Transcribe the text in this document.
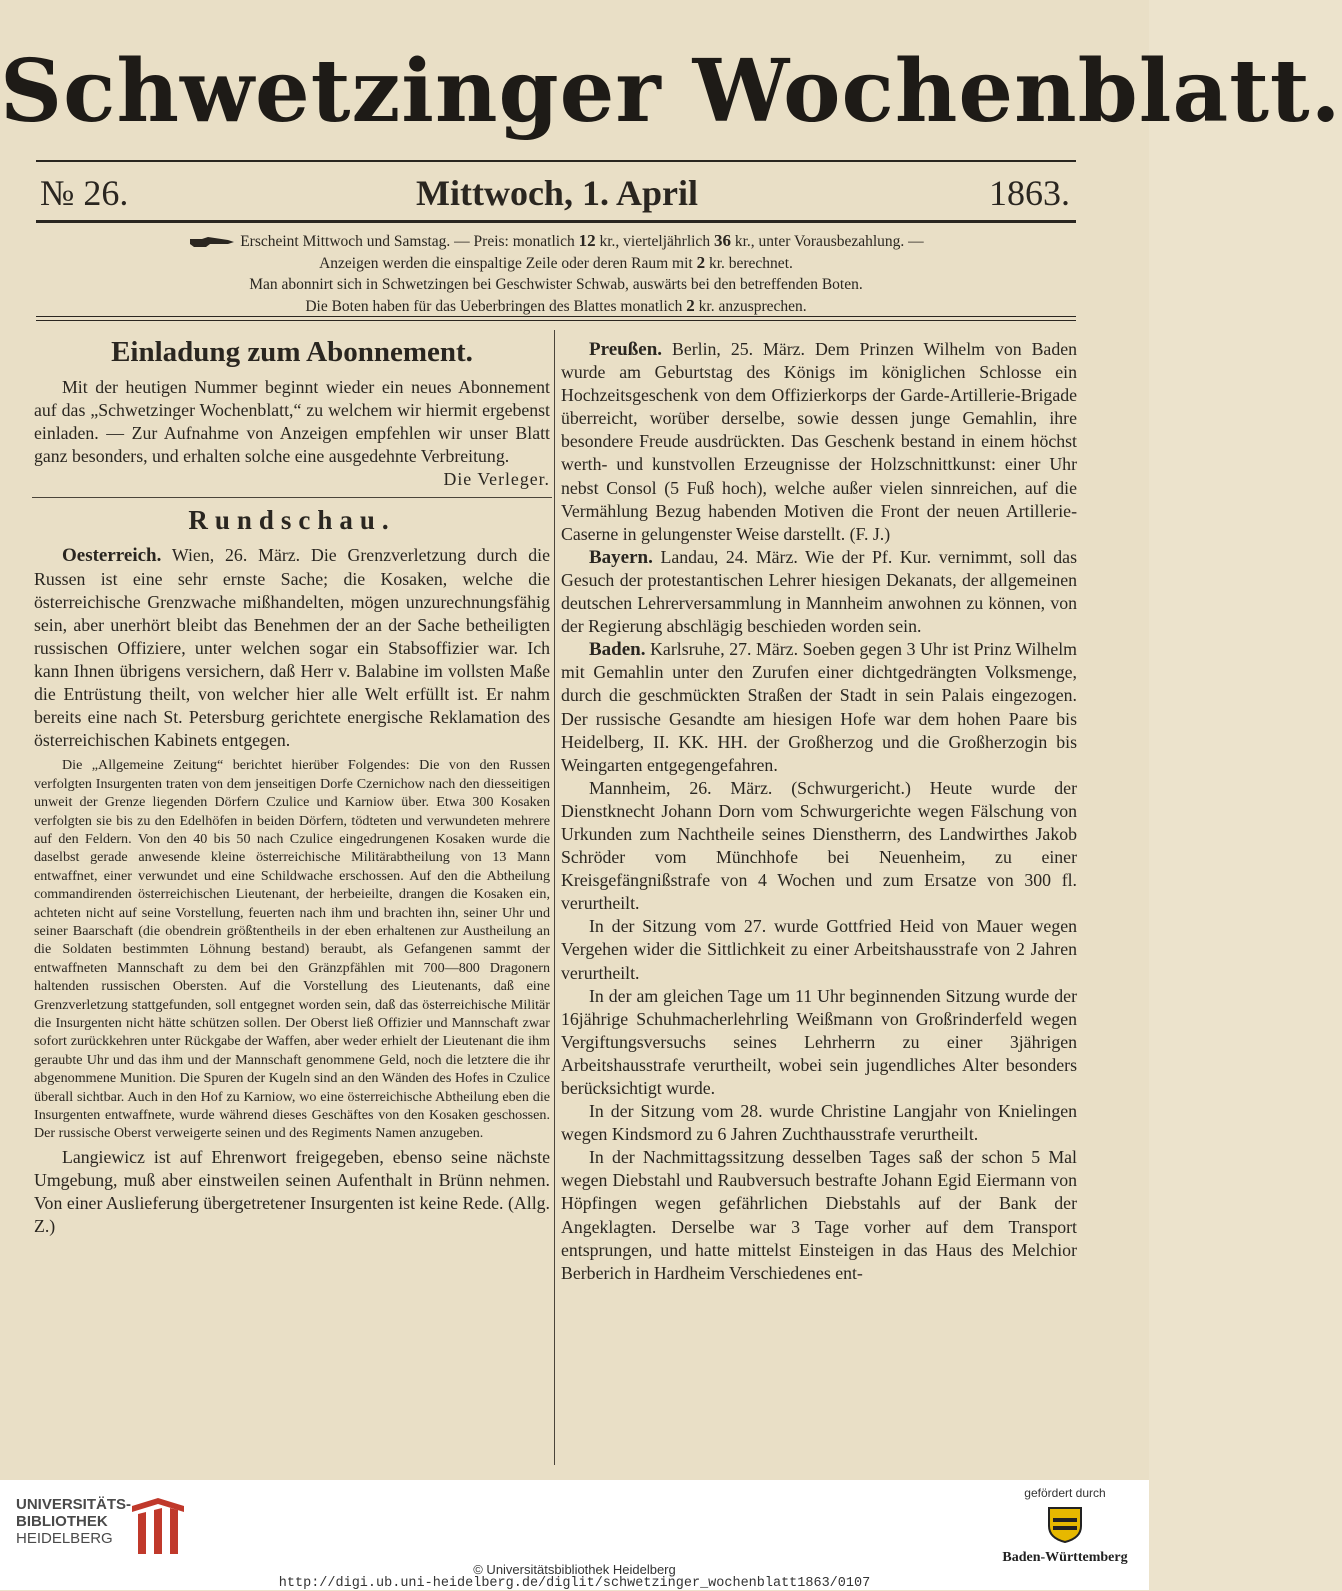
Schwetzinger Wochenblatt.
№ 26.	Mittwoch, 1. April	1863.
Erscheint Mittwoch und Samstag. — Preis: monatlich 12 kr., vierteljährlich 36 kr., unter Vorausbezahlung. —
Anzeigen werden die einspaltige Zeile oder deren Raum mit 2 kr. berechnet.
Man abonnirt sich in Schwetzingen bei Geschwister Schwab, auswärts bei den betreffenden Boten.
Die Boten haben für das Ueberbringen des Blattes monatlich 2 kr. anzusprechen.
Einladung zum Abonnement.

Mit der heutigen Nummer beginnt wieder ein neues Abonnement auf das „Schwetzinger Wochenblatt,“ zu welchem wir hiermit ergebenst einladen. — Zur Aufnahme von Anzeigen empfehlen wir unser Blatt ganz besonders, und erhalten solche eine ausgedehnte Verbreitung.
Die Verleger.

Rundschau.

Oesterreich. Wien, 26. März. Die Grenzverletzung durch die Russen ist eine sehr ernste Sache; die Kosaken, welche die österreichische Grenzwache mißhandelten, mögen unzurechnungsfähig sein, aber unerhört bleibt das Benehmen der an der Sache betheiligten russischen Offiziere, unter welchen sogar ein Stabsoffizier war. Ich kann Ihnen übrigens versichern, daß Herr v. Balabine im vollsten Maße die Entrüstung theilt, von welcher hier alle Welt erfüllt ist. Er nahm bereits eine nach St. Petersburg gerichtete energische Reklamation des österreichischen Kabinets entgegen.

Die „Allgemeine Zeitung“ berichtet hierüber Folgendes: Die von den Russen verfolgten Insurgenten traten von dem jenseitigen Dorfe Czernichow nach den diesseitigen unweit der Grenze liegenden Dörfern Czulice und Karniow über. Etwa 300 Kosaken verfolgten sie bis zu den Edelhöfen in beiden Dörfern, tödteten und verwundeten mehrere auf den Feldern. Von den 40 bis 50 nach Czulice eingedrungenen Kosaken wurde die daselbst gerade anwesende kleine österreichische Militärabtheilung von 13 Mann entwaffnet, einer verwundet und eine Schildwache erschossen. Auf den die Abtheilung commandirenden österreichischen Lieutenant, der herbeieilte, drangen die Kosaken ein, achteten nicht auf seine Vorstellung, feuerten nach ihm und brachten ihn, seiner Uhr und seiner Baarschaft (die obendrein größtentheils in der eben erhaltenen zur Austheilung an die Soldaten bestimmten Löhnung bestand) beraubt, als Gefangenen sammt der entwaffneten Mannschaft zu dem bei den Gränzpfählen mit 700—800 Dragonern haltenden russischen Obersten. Auf die Vorstellung des Lieutenants, daß eine Grenzverletzung stattgefunden, soll entgegnet worden sein, daß das österreichische Militär die Insurgenten nicht hätte schützen sollen. Der Oberst ließ Offizier und Mannschaft zwar sofort zurückkehren unter Rückgabe der Waffen, aber weder erhielt der Lieutenant die ihm geraubte Uhr und das ihm und der Mannschaft genommene Geld, noch die letztere die ihr abgenommene Munition. Die Spuren der Kugeln sind an den Wänden des Hofes in Czulice überall sichtbar. Auch in den Hof zu Karniow, wo eine österreichische Abtheilung eben die Insurgenten entwaffnete, wurde während dieses Geschäftes von den Kosaken geschossen. Der russische Oberst verweigerte seinen und des Regiments Namen anzugeben.

Langiewicz ist auf Ehrenwort freigegeben, ebenso seine nächste Umgebung, muß aber einstweilen seinen Aufenthalt in Brünn nehmen. Von einer Auslieferung übergetretener Insurgenten ist keine Rede. (Allg. Z.)

Preußen. Berlin, 25. März. Dem Prinzen Wilhelm von Baden wurde am Geburtstag des Königs im königlichen Schlosse ein Hochzeitsgeschenk von dem Offizierkorps der Garde-Artillerie-Brigade überreicht, worüber derselbe, sowie dessen junge Gemahlin, ihre besondere Freude ausdrückten. Das Geschenk bestand in einem höchst werth- und kunstvollen Erzeugnisse der Holzschnittkunst: einer Uhr nebst Consol (5 Fuß hoch), welche außer vielen sinnreichen, auf die Vermählung Bezug habenden Motiven die Front der neuen Artillerie-Caserne in gelungenster Weise darstellt. (F. J.)

Bayern. Landau, 24. März. Wie der Pf. Kur. vernimmt, soll das Gesuch der protestantischen Lehrer hiesigen Dekanats, der allgemeinen deutschen Lehrerversammlung in Mannheim anwohnen zu können, von der Regierung abschlägig beschieden worden sein.

Baden. Karlsruhe, 27. März. Soeben gegen 3 Uhr ist Prinz Wilhelm mit Gemahlin unter den Zurufen einer dichtgedrängten Volksmenge, durch die geschmückten Straßen der Stadt in sein Palais eingezogen. Der russische Gesandte am hiesigen Hofe war dem hohen Paare bis Heidelberg, II. KK. HH. der Großherzog und die Großherzogin bis Weingarten entgegengefahren.

Mannheim, 26. März. (Schwurgericht.) Heute wurde der Dienstknecht Johann Dorn vom Schwurgerichte wegen Fälschung von Urkunden zum Nachtheile seines Dienstherrn, des Landwirthes Jakob Schröder vom Münchhofe bei Neuenheim, zu einer Kreisgefängnißstrafe von 4 Wochen und zum Ersatze von 300 fl. verurtheilt.

In der Sitzung vom 27. wurde Gottfried Heid von Mauer wegen Vergehen wider die Sittlichkeit zu einer Arbeitshausstrafe von 2 Jahren verurtheilt.

In der am gleichen Tage um 11 Uhr beginnenden Sitzung wurde der 16jährige Schuhmacherlehrling Weißmann von Großrinderfeld wegen Vergiftungsversuchs seines Lehrherrn zu einer 3jährigen Arbeitshausstrafe verurtheilt, wobei sein jugendliches Alter besonders berücksichtigt wurde.

In der Sitzung vom 28. wurde Christine Langjahr von Knielingen wegen Kindsmord zu 6 Jahren Zuchthausstrafe verurtheilt.

In der Nachmittagssitzung desselben Tages saß der schon 5 Mal wegen Diebstahl und Raubversuch bestrafte Johann Egid Eiermann von Höpfingen wegen gefährlichen Diebstahls auf der Bank der Angeklagten. Derselbe war 3 Tage vorher auf dem Transport entsprungen, und hatte mittelst Einsteigen in das Haus des Melchior Berberich in Hardheim Verschiedenes ent-

UNIVERSITÄTS-
BIBLIOTHEK
HEIDELBERG
© Universitätsbibliothek Heidelberg
http://digi.ub.uni-heidelberg.de/diglit/schwetzinger_wochenblatt1863/0107
gefördert durch
Baden-Württemberg
